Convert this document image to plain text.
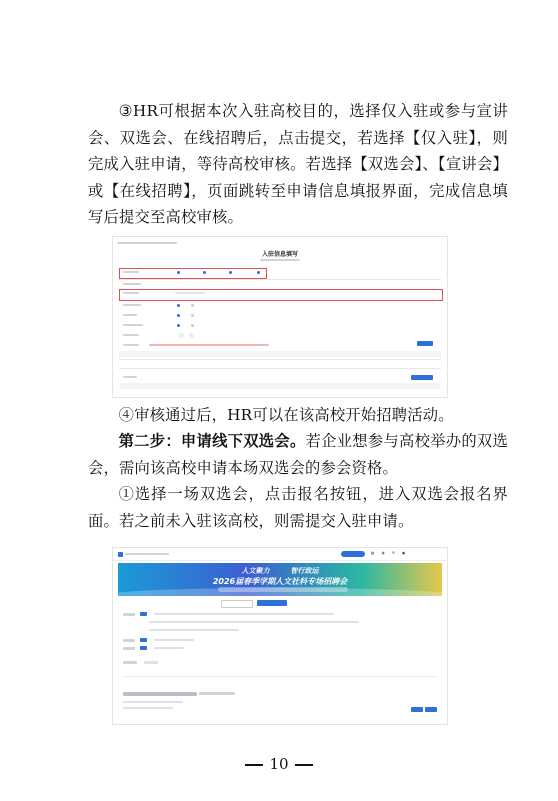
③HR可根据本次入驻高校目的，选择仅入驻或参与宣讲会、双选会、在线招聘后，点击提交，若选择【仅入驻】，则完成入驻申请，等待高校审核。若选择【双选会】、【宣讲会】或【在线招聘】，页面跳转至申请信息填报界面，完成信息填写后提交至高校审核。
入驻信息填写
④审核通过后，HR可以在该高校开始招聘活动。
第二步：申请线下双选会。若企业想参与高校举办的双选会，需向该高校申请本场双选会的参会资格。
①选择一场双选会，点击报名按钮，进入双选会报名界面。若之前未入驻该高校，则需提交入驻申请。
▦ ◉ ✉ ●
人文聚力　　　智行致远
2026届春季学期人文社科专场招聘会

10
